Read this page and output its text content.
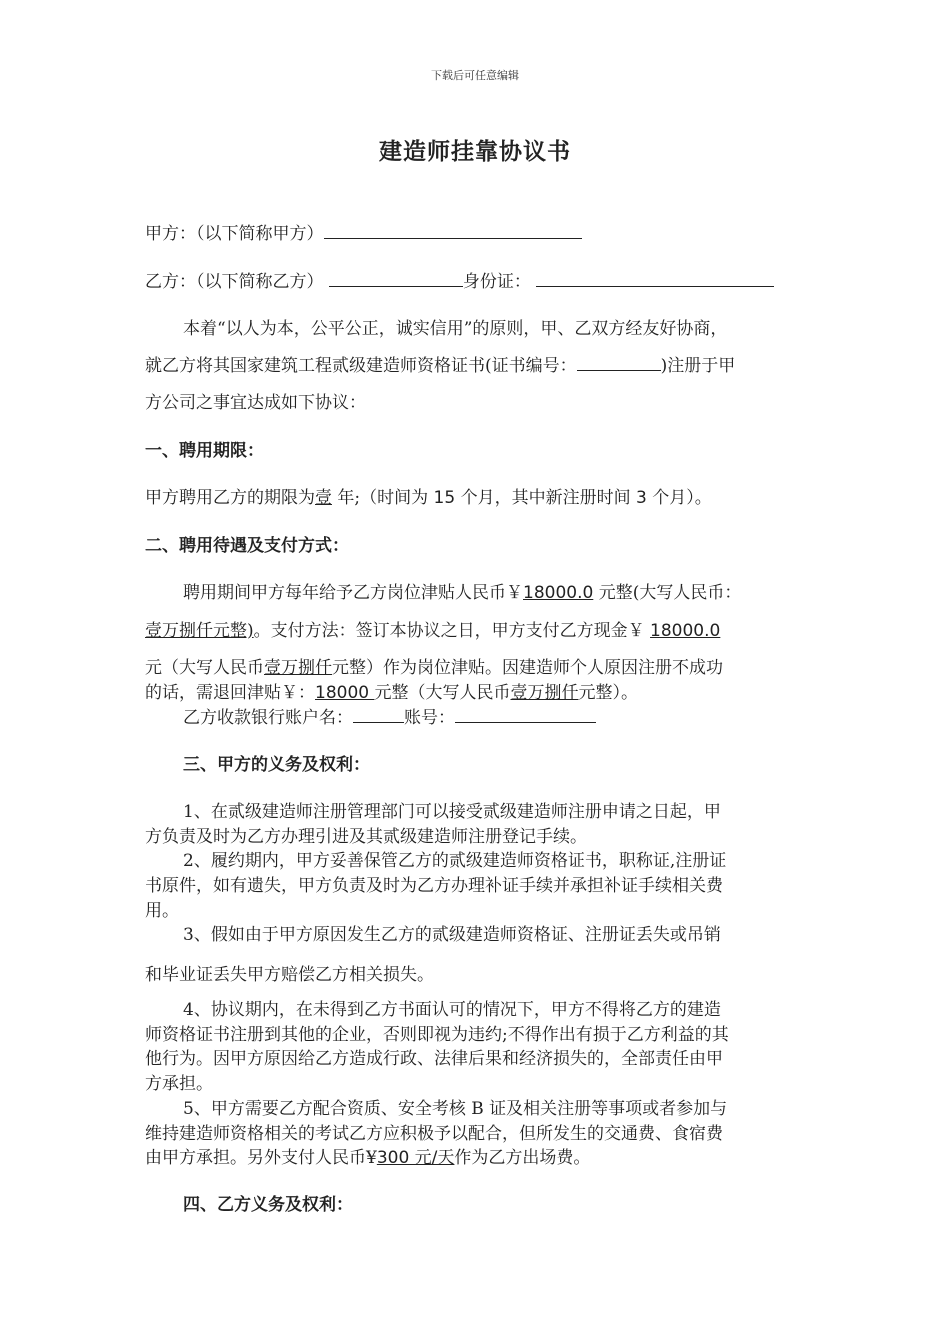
下载后可任意编辑
建造师挂靠协议书
甲方：（以下简称甲方）
乙方：（以下简称乙方）	身份证：
本着“以人为本，公平公正，诚实信用”的原则，甲、乙双方经友好协商，
就乙方将其国家建筑工程贰级建造师资格证书(证书编号：	)注册于甲
方公司之事宜达成如下协议：
一、聘用期限：
甲方聘用乙方的期限为壹 年;（时间为 15 个月，其中新注册时间 3 个月）。
二、聘用待遇及支付方式：
聘用期间甲方每年给予乙方岗位津贴人民币￥18000.0 元整(大写人民币：
壹万捌仟元整)。支付方法：签订本协议之日，甲方支付乙方现金￥ 18000.0
元（大写人民币壹万捌仟元整）作为岗位津贴。因建造师个人原因注册不成功
的话，需退回津贴￥：18000 元整（大写人民币壹万捌仟元整）。
乙方收款银行账户名：	账号：
三、甲方的义务及权利：
1、在贰级建造师注册管理部门可以接受贰级建造师注册申请之日起，甲
方负责及时为乙方办理引进及其贰级建造师注册登记手续。
2、履约期内，甲方妥善保管乙方的贰级建造师资格证书，职称证,注册证
书原件，如有遗失，甲方负责及时为乙方办理补证手续并承担补证手续相关费
用。
3、假如由于甲方原因发生乙方的贰级建造师资格证、注册证丢失或吊销
和毕业证丢失甲方赔偿乙方相关损失。
4、协议期内，在未得到乙方书面认可的情况下，甲方不得将乙方的建造
师资格证书注册到其他的企业，否则即视为违约;不得作出有损于乙方利益的其
他行为。因甲方原因给乙方造成行政、法律后果和经济损失的，全部责任由甲
方承担。
5、甲方需要乙方配合资质、安全考核 B 证及相关注册等事项或者参加与
维持建造师资格相关的考试乙方应积极予以配合，但所发生的交通费、食宿费
由甲方承担。另外支付人民币¥300 元/天作为乙方出场费。
四、乙方义务及权利：
